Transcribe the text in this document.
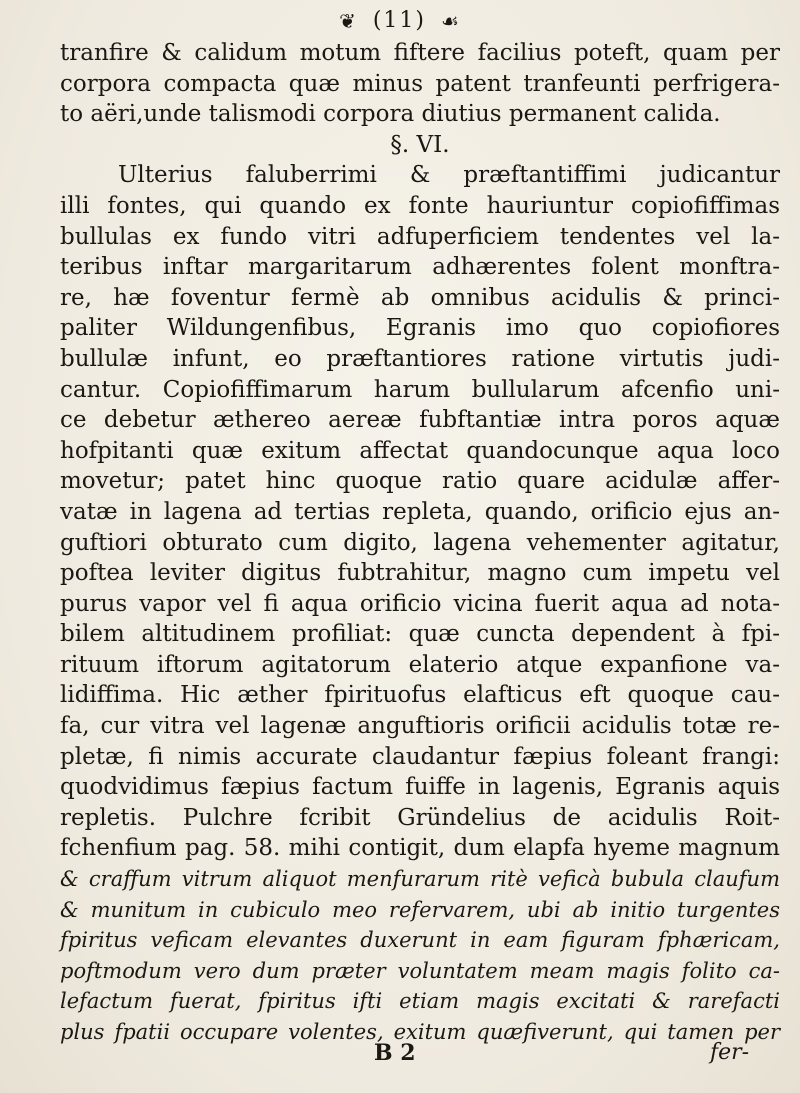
❦ (11) ☙
tranfire & calidum motum fiftere facilius poteft, quam per
corpora compacta quæ minus patent tranfeunti perfrigera-
to aëri,unde talismodi corpora diutius permanent calida.
§. VI.
Ulterius faluberrimi & præftantiffimi judicantur
illi fontes, qui quando ex fonte hauriuntur copiofiffimas
bullulas ex fundo vitri adfuperficiem tendentes vel la-
teribus inftar margaritarum adhærentes folent monftra-
re, hæ foventur fermè ab omnibus acidulis & princi-
paliter Wildungenfibus, Egranis imo quo copiofiores
bullulæ infunt, eo præftantiores ratione virtutis judi-
cantur. Copiofiffimarum harum bullularum afcenfio uni-
ce debetur æthereo aereæ fubftantiæ intra poros aquæ
hofpitanti quæ exitum affectat quandocunque aqua loco
movetur; patet hinc quoque ratio quare acidulæ affer-
vatæ in lagena ad tertias repleta, quando, orificio ejus an-
guftiori obturato cum digito, lagena vehementer agitatur,
poftea leviter digitus fubtrahitur, magno cum impetu vel
purus vapor vel fi aqua orificio vicina fuerit aqua ad nota-
bilem altitudinem profiliat: quæ cuncta dependent à fpi-
rituum iftorum agitatorum elaterio atque expanfione va-
lidiffima. Hic æther fpirituofus elafticus eft quoque cau-
fa, cur vitra vel lagenæ anguftioris orificii acidulis totæ re-
pletæ, fi nimis accurate claudantur fæpius foleant frangi:
quodvidimus fæpius factum fuiffe in lagenis, Egranis aquis
repletis. Pulchre fcribit Gründelius de acidulis Roit-
fchenfium pag. 58. mihi contigit, dum elapfa hyeme magnum
& craffum vitrum aliquot menfurarum ritè veficà bubula claufum
& munitum in cubiculo meo refervarem, ubi ab initio turgentes
fpiritus veficam elevantes duxerunt in eam figuram fphæricam,
poftmodum vero dum præter voluntatem meam magis folito ca-
lefactum fuerat, fpiritus ifti etiam magis excitati & rarefacti
plus fpatii occupare volentes, exitum quæfiverunt, qui tamen per
B 2	fer-
